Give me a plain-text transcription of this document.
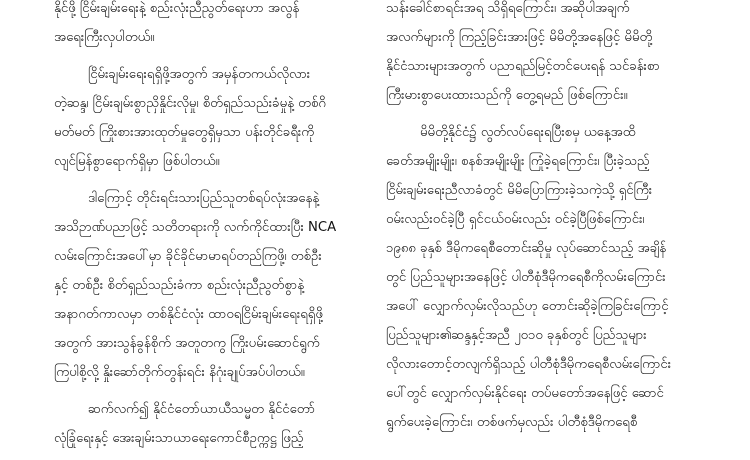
နိုင်ဖို့ ငြိမ်းချမ်းရေးနဲ့ စည်းလုံးညီညွတ်ရေးဟာ အလွန်
အရေးကြီးလှပါတယ်။
ငြိမ်းချမ်းရေးရရှိဖို့အတွက် အမှန်တကယ်လိုလား
တဲ့ဆန္ဒ၊ ငြိမ်းချမ်းစွာညှိနှိုင်းလိုမှု၊ စိတ်ရှည်သည်းခံမှုနဲ့ တစ်ဂိ
မတ်မတ် ကြိုးစားအားထုတ်မှုတွေရှိမှသာ ပန်းတိုင်ခရီးကို
လျင်မြန်စွာရောက်ရှိမှာ ဖြစ်ပါတယ်။
ဒါကြောင့် တိုင်းရင်းသားပြည်သူတစ်ရပ်လုံးအနေနဲ့
အသိဉာဏ်ပညာဖြင့် သတိတရားကို လက်ကိုင်ထားပြီး NCA
လမ်းကြောင်းအပေါ်မှာ ခိုင်ခိုင်မာမာရပ်တည်ကြဖို့၊ တစ်ဦး
နှင့် တစ်ဦး စိတ်ရှည်သည်းခံကာ စည်းလုံးညီညွတ်စွာနဲ့
အနာဂတ်ကာလမှာ တစ်နိုင်ငံလုံး ထာဝရငြိမ်းချမ်းရေးရရှိဖို့
အတွက် အားသွန်ခွန်စိုက် အတူတကွ ကြိုးပမ်းဆောင်ရွက်
ကြပါစို့လို့ နှိုးဆော်တိုက်တွန်းရင်း နိဂုံးချုပ်အပ်ပါတယ်။
ဆက်လက်၍ နိုင်ငံတော်ယာယီသမ္မတ နိုင်ငံတော်
လုံခြုံရေးနှင့် အေးချမ်းသာယာရေးကောင်စီဥက္ကဋ္ဌ ဖြည့်
သန်းခေါင်စာရင်းအရ သိရှိရကြောင်း၊ အဆိုပါအချက်
အလက်များကို ကြည့်ခြင်းအားဖြင့် မိမိတို့အနေဖြင့် မိမိတို့
နိုင်ငံသားများအတွက် ပညာရည်မြင့်တင်ပေးရန် သင်ခန်းစာ
ကြီးမားစွာပေးထားသည်ကို တွေ့ရမည် ဖြစ်ကြောင်း။
မိမိတို့နိုင်ငံ၌ လွတ်လပ်ရေးရပြီးစမှ ယနေ့အထိ
ခေတ်အမျိုးမျိုး၊ စနစ်အမျိုးမျိုး ကြုံခဲ့ရကြောင်း၊ ပြီးခဲ့သည့်
ငြိမ်းချမ်းရေးညီလာခံတွင် မိမိပြောကြားခဲ့သကဲ့သို့ ရှင်ကြီး
ဝမ်းလည်းဝင်ခဲ့ပြီ ရှင်ငယ်ဝမ်းလည်း ဝင်ခဲ့ပြီဖြစ်ကြောင်း၊
၁၉၈၈ ခုနှစ် ဒီမိုကရေစီတောင်းဆိုမှု လုပ်ဆောင်သည့် အချိန်
တွင် ပြည်သူများအနေဖြင့် ပါတီစုံဒီမိုကရေစီကိုလမ်းကြောင်း
အပေါ် လျှောက်လှမ်းလိုသည်ဟု တောင်းဆိုခဲ့ကြခြင်းကြောင့်
ပြည်သူများ၏ဆန္ဒနှင့်အညီ ၂၀၁၀ ခုနှစ်တွင် ပြည်သူများ
လိုလားတောင့်တလျက်ရှိသည့် ပါတီစုံဒီမိုကရေစီလမ်းကြောင်း
ပေါ်တွင် လျှောက်လှမ်းနိုင်ရေး တပ်မတော်အနေဖြင့် ဆောင်
ရွက်ပေးခဲ့ကြောင်း၊ တစ်ဖက်မှလည်း ပါတီစုံဒီမိုကရေစီ
